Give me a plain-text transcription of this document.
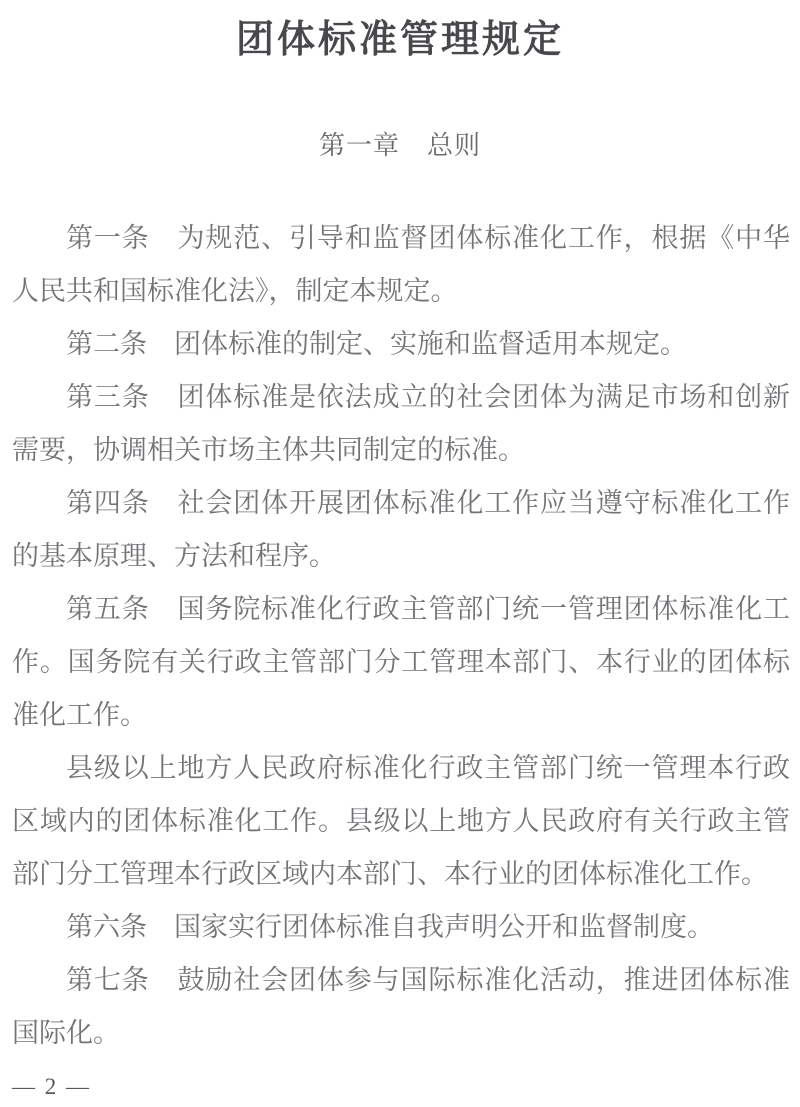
团体标准管理规定
第一章　总则

第一条　为规范、引导和监督团体标准化工作，根据《中华人民共和国标准化法》，制定本规定。

第二条　团体标准的制定、实施和监督适用本规定。

第三条　团体标准是依法成立的社会团体为满足市场和创新需要，协调相关市场主体共同制定的标准。

第四条　社会团体开展团体标准化工作应当遵守标准化工作的基本原理、方法和程序。

第五条　国务院标准化行政主管部门统一管理团体标准化工作。国务院有关行政主管部门分工管理本部门、本行业的团体标准化工作。

县级以上地方人民政府标准化行政主管部门统一管理本行政区域内的团体标准化工作。县级以上地方人民政府有关行政主管部门分工管理本行政区域内本部门、本行业的团体标准化工作。

第六条　国家实行团体标准自我声明公开和监督制度。

第七条　鼓励社会团体参与国际标准化活动，推进团体标准国际化。

— 2 —
